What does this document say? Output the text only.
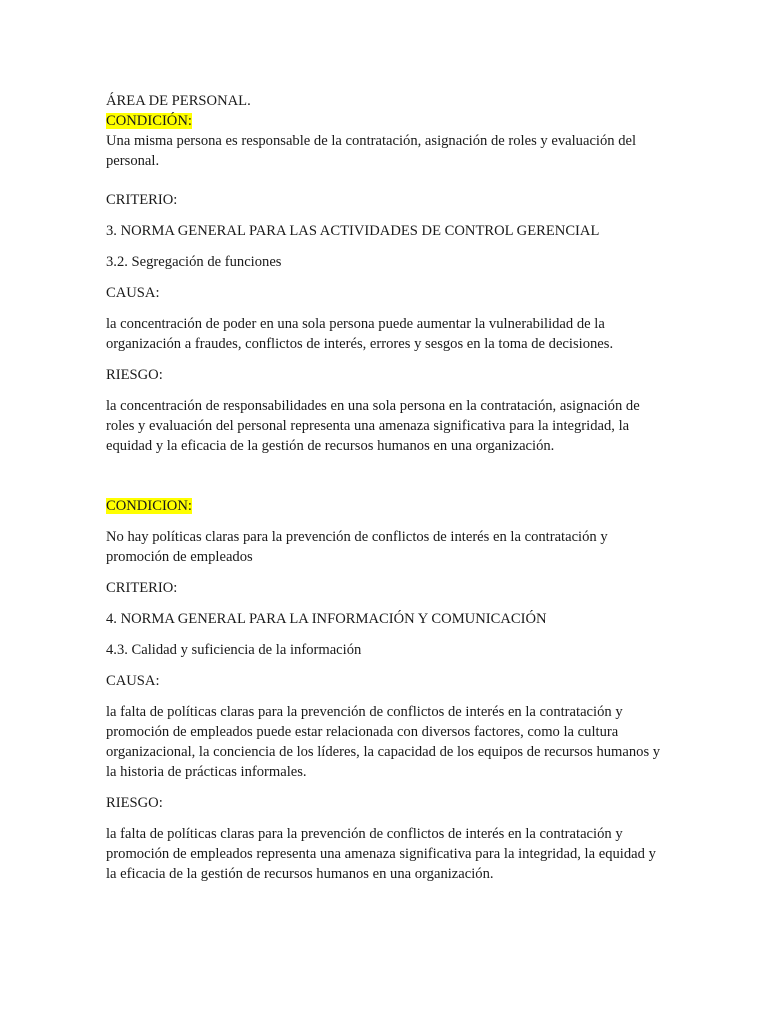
ÁREA DE PERSONAL.

CONDICIÓN:

Una misma persona es responsable de la contratación, asignación de roles y evaluación del personal.

CRITERIO:

3. NORMA GENERAL PARA LAS ACTIVIDADES DE CONTROL GERENCIAL

3.2. Segregación de funciones

CAUSA:

la concentración de poder en una sola persona puede aumentar la vulnerabilidad de la organización a fraudes, conflictos de interés, errores y sesgos en la toma de decisiones.

RIESGO:

la concentración de responsabilidades en una sola persona en la contratación, asignación de roles y evaluación del personal representa una amenaza significativa para la integridad, la equidad y la eficacia de la gestión de recursos humanos en una organización.

CONDICION:

No hay políticas claras para la prevención de conflictos de interés en la contratación y promoción de empleados

CRITERIO:

4. NORMA GENERAL PARA LA INFORMACIÓN Y COMUNICACIÓN

4.3. Calidad y suficiencia de la información

CAUSA:

la falta de políticas claras para la prevención de conflictos de interés en la contratación y promoción de empleados puede estar relacionada con diversos factores, como la cultura organizacional, la conciencia de los líderes, la capacidad de los equipos de recursos humanos y la historia de prácticas informales.

RIESGO:

la falta de políticas claras para la prevención de conflictos de interés en la contratación y promoción de empleados representa una amenaza significativa para la integridad, la equidad y la eficacia de la gestión de recursos humanos en una organización.
